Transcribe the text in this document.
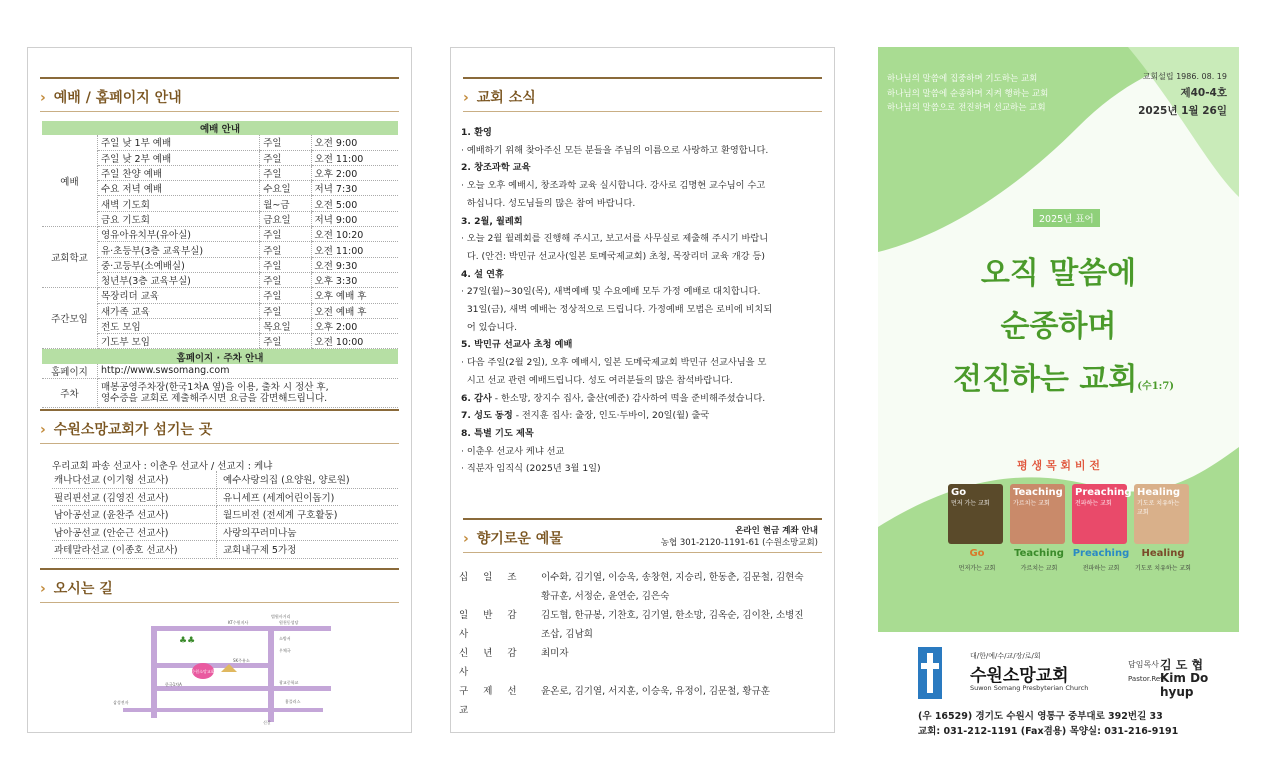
› 예배 / 홈페이지 안내
예배 안내			
예배	주일 낮 1부 예배	주일	오전 9:00
	주일 낮 2부 예배	주일	오전 11:00
	주일 찬양 예배	주일	오후 2:00
	수요 저녁 예배	수요일	저녁 7:30
	새벽 기도회	월~금	오전 5:00
	금요 기도회	금요일	저녁 9:00
교회학교	영유아유치부(유아실)	주일	오전 10:20
	유·초등부(3층 교육부실)	주일	오전 11:00
	중·고등부(소예배실)	주일	오전 9:30
	청년부(3층 교육부실)	주일	오후 3:30
주간모임	목장리더 교육	주일	오후 예배 후
	새가족 교육	주일	오전 예배 후
	전도 모임	목요일	오후 2:00
	기도부 모임	주일	오전 10:00
홈페이지 · 주차 안내			
홈페이지	http://www.swsomang.com		
주차	매봉공영주차장(한국1차A 옆)을 이용, 출차 시 정산 후,
영수증을 교회로 제출해주시면 요금을 감면해드립니다.		
› 수원소망교회가 섬기는 곳
우리교회 파송 선교사 : 이춘우 선교사 / 선교지 : 케냐
캐나다선교 (이기형 선교사)	예수사랑의집 (요양원, 양로원)
필리핀선교 (김영진 선교사)	유니세프 (세계어린이돕기)
남아공선교 (윤찬주 선교사)	월드비전 (전세계 구호활동)
남아공선교 (안순근 선교사)	사랑의꾸러미나눔
과테말라선교 (이종호 선교사)	교회내구제 5가정
› 오시는 길
수원소망교회
법원사거리
KT수원지사	원천동성당
소방서
우체국
한국1차A
SK주유소
광교중학교
홈플러스
삼성전자
신갈
♣♣
› 교회 소식
1. 환영
· 예배하기 위해 찾아주신 모든 분들을 주님의 이름으로 사랑하고 환영합니다.
2. 창조과학 교육
· 오늘 오후 예배시, 창조과학 교육 실시합니다. 강사로 김명현 교수님이 수고
하십니다. 성도님들의 많은 참여 바랍니다.
3. 2월, 월례회
· 오늘 2월 월례회를 진행해 주시고, 보고서를 사무실로 제출해 주시기 바랍니
다. (안건: 박민규 선교사(일본 토메국제교회) 초청, 목장리더 교육 개강 등)
4. 설 연휴
· 27일(월)~30일(목), 새벽예배 및 수요예배 모두 가정 예배로 대치합니다.
31일(금), 새벽 예배는 정상적으로 드립니다. 가정예배 모범은 로비에 비치되
어 있습니다.
5. 박민규 선교사 초청 예배
· 다음 주일(2월 2일), 오후 예배시, 일본 도메국제교회 박민규 선교사님을 모
시고 선교 관련 예배드립니다. 성도 여러분들의 많은 참석바랍니다.
6. 감사 - 한소망, 장지수 집사, 출산(예준) 감사하여 떡을 준비해주셨습니다.
7. 성도 동정 - 전지훈 집사: 출장, 인도·두바이, 20일(월) 출국
8. 특별 기도 제목
· 이춘우 선교사 케냐 선교
· 직분자 임직식 (2025년 3월 1일)
› 향기로운 예물	온라인 현금 계좌 안내
농협 301-2120-1191-61 (수원소망교회)
십 일 조	이수화, 김기열, 이승욱, 송창현, 지승리, 한동춘, 김문철, 김현숙
황규훈, 서정순, 윤연순, 김은숙

일 반 감 사	김도협, 한규봉, 기찬호, 김기열, 한소망, 김옥순, 김이찬, 소병진
조삽, 김남희

신 년 감 사	최미자

구 제 선 교	윤온로, 김기열, 서지훈, 이승욱, 유정이, 김문철, 황규훈
하나님의 말씀에 집중하며 기도하는 교회
하나님의 말씀에 순종하며 지켜 행하는 교회
하나님의 말씀으로 전진하며 선교하는 교회
교회설립 1986. 08. 19
제40-4호
2025년 1월 26일
2025년 표어
오직 말씀에
순종하며
전진하는 교회(수1:7)
평 생 목 회 비 전
Go
먼저 가는 교회
Go
먼저가는 교회
Teaching
가르치는 교회
Teaching
가르치는 교회
Preaching
전파하는 교회
Preaching
전파하는 교회
Healing
기도로 치유하는 교회
Healing
기도로 치유하는 교회
대/한/예/수/교/장/로/회
수원소망교회
Suwon Somang Presbyterian Church
담임목사 김 도 협
Pastor.Rev.
Kim Do hyup
(우 16529) 경기도 수원시 영통구 중부대로 392번길 33
교회: 031-212-1191 (Fax겸용) 목양실: 031-216-9191
